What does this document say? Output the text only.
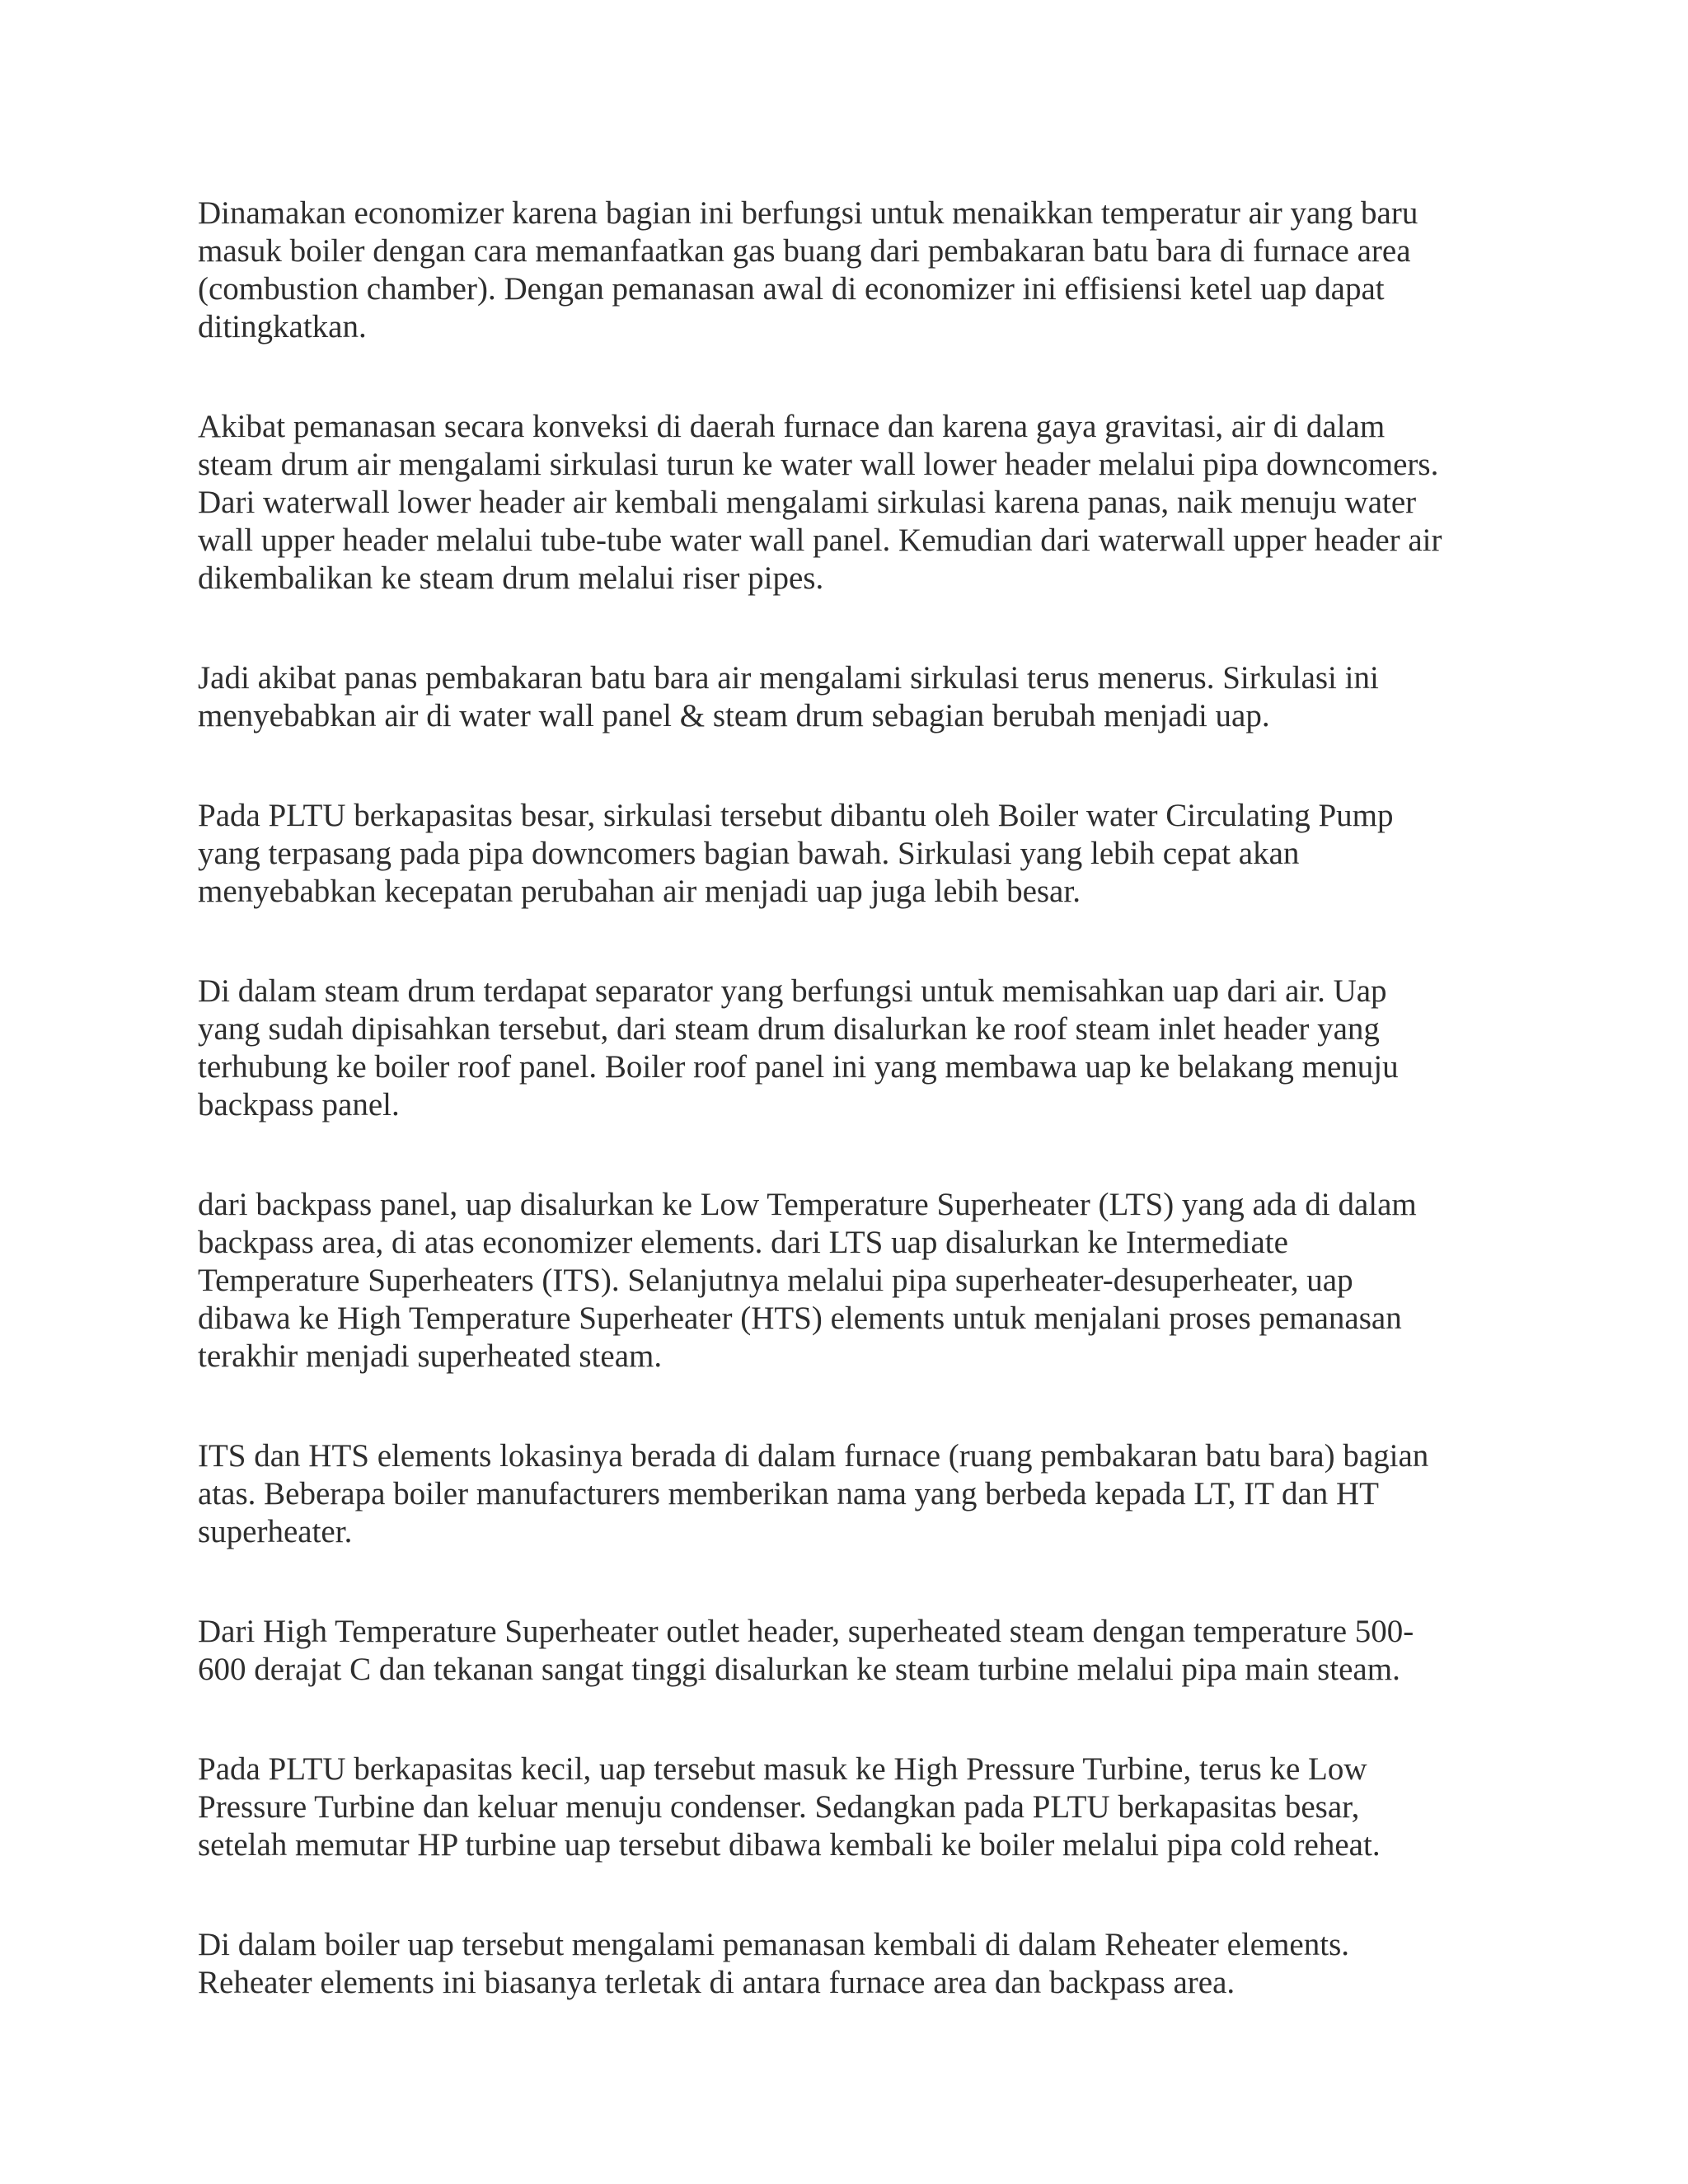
Dinamakan economizer karena bagian ini berfungsi untuk menaikkan temperatur air yang baru
masuk boiler dengan cara memanfaatkan gas buang dari pembakaran batu bara di furnace area
(combustion chamber). Dengan pemanasan awal di economizer ini effisiensi ketel uap dapat
ditingkatkan.

Akibat pemanasan secara konveksi di daerah furnace dan karena gaya gravitasi, air di dalam
steam drum air mengalami sirkulasi turun ke water wall lower header melalui pipa downcomers.
Dari waterwall lower header air kembali mengalami sirkulasi karena panas, naik menuju water
wall upper header melalui tube-tube water wall panel. Kemudian dari waterwall upper header air
dikembalikan ke steam drum melalui riser pipes.

Jadi akibat panas pembakaran batu bara air mengalami sirkulasi terus menerus. Sirkulasi ini
menyebabkan air di water wall panel & steam drum sebagian berubah menjadi uap.

Pada PLTU berkapasitas besar, sirkulasi tersebut dibantu oleh Boiler water Circulating Pump
yang terpasang pada pipa downcomers bagian bawah. Sirkulasi yang lebih cepat akan
menyebabkan kecepatan perubahan air menjadi uap juga lebih besar.

Di dalam steam drum terdapat separator yang berfungsi untuk memisahkan uap dari air. Uap
yang sudah dipisahkan tersebut, dari steam drum disalurkan ke roof steam inlet header yang
terhubung ke boiler roof panel. Boiler roof panel ini yang membawa uap ke belakang menuju
backpass panel.

dari backpass panel, uap disalurkan ke Low Temperature Superheater (LTS) yang ada di dalam
backpass area, di atas economizer elements. dari LTS uap disalurkan ke Intermediate
Temperature Superheaters (ITS). Selanjutnya melalui pipa superheater-desuperheater, uap
dibawa ke High Temperature Superheater (HTS) elements untuk menjalani proses pemanasan
terakhir menjadi superheated steam.

ITS dan HTS elements lokasinya berada di dalam furnace (ruang pembakaran batu bara) bagian
atas. Beberapa boiler manufacturers memberikan nama yang berbeda kepada LT, IT dan HT
superheater.

Dari High Temperature Superheater outlet header, superheated steam dengan temperature 500-
600 derajat C dan tekanan sangat tinggi disalurkan ke steam turbine melalui pipa main steam.

Pada PLTU berkapasitas kecil, uap tersebut masuk ke High Pressure Turbine, terus ke Low
Pressure Turbine dan keluar menuju condenser. Sedangkan pada PLTU berkapasitas besar,
setelah memutar HP turbine uap tersebut dibawa kembali ke boiler melalui pipa cold reheat.

Di dalam boiler uap tersebut mengalami pemanasan kembali di dalam Reheater elements.
Reheater elements ini biasanya terletak di antara furnace area dan backpass area.
